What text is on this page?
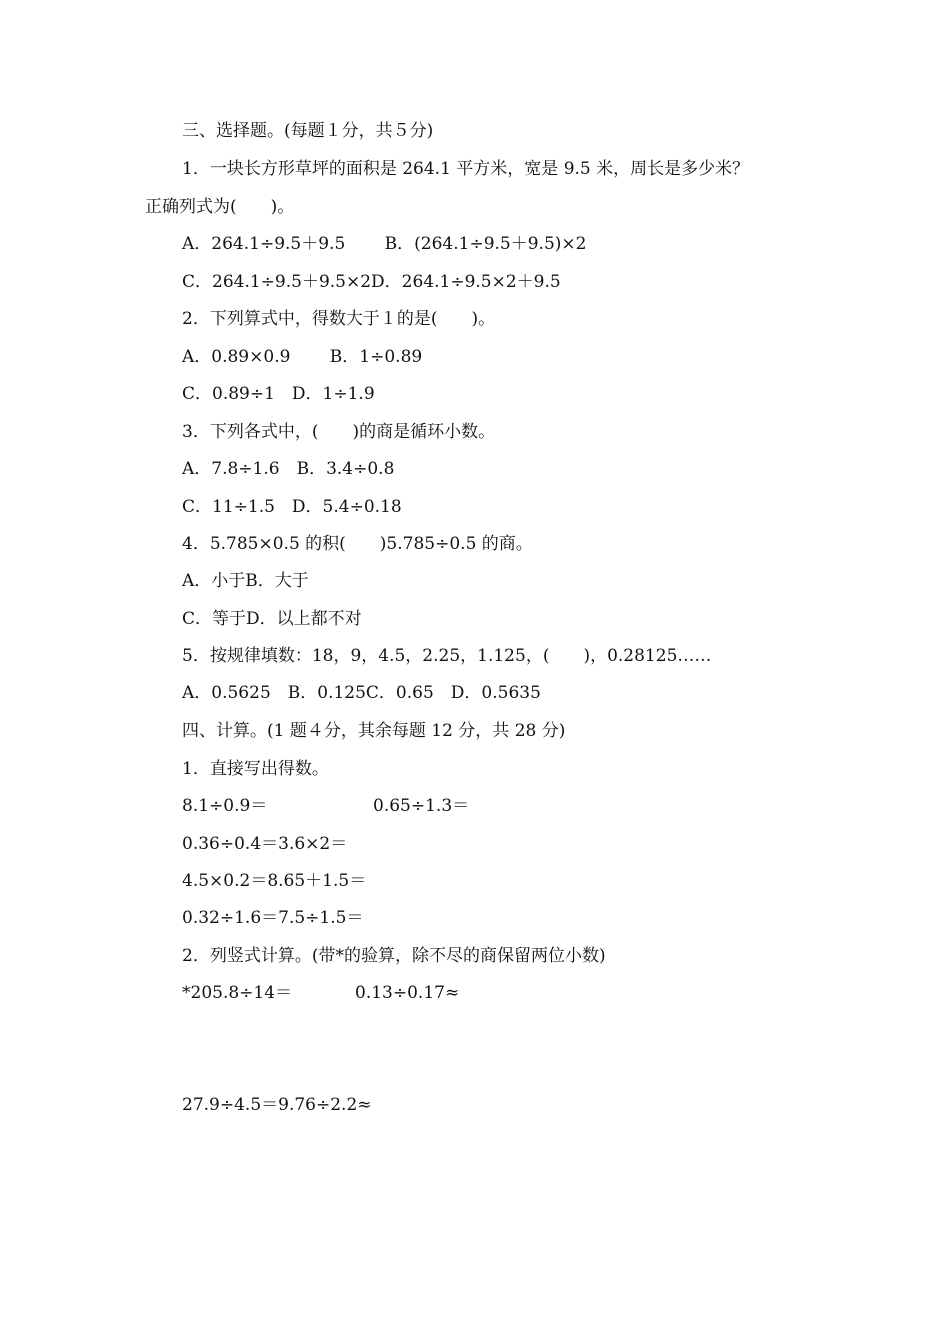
三、选择题。(每题１分，共５分)
1．一块长方形草坪的面积是 264.1 平方米，宽是 9.5 米，周长是多少米？
正确列式为(　　)。
A．264.1÷9.5＋9.5　　 B．(264.1÷9.5＋9.5)×2
C．264.1÷9.5＋9.5×2D．264.1÷9.5×2＋9.5
2．下列算式中，得数大于１的是(　　)。
A．0.89×0.9　　 B．1÷0.89
C．0.89÷1　D．1÷1.9
3．下列各式中，(　　)的商是循环小数。
A．7.8÷1.6　B．3.4÷0.8
C．11÷1.5　D．5.4÷0.18
4．5.785×0.5 的积(　　)5.785÷0.5 的商。
A．小于B．大于
C．等于D．以上都不对
5．按规律填数：18，9，4.5，2.25，1.125，(　　)，0.28125……
A．0.5625　B．0.125C．0.65　D．0.5635
四、计算。(1 题４分，其余每题 12 分，共 28 分)
1．直接写出得数。
8.1÷0.9＝	0.65÷1.3＝
0.36÷0.4＝3.6×2＝
4.5×0.2＝8.65＋1.5＝
0.32÷1.6＝7.5÷1.5＝
2．列竖式计算。(带*的验算，除不尽的商保留两位小数)
*205.8÷14＝	0.13÷0.17≈
27.9÷4.5＝9.76÷2.2≈
